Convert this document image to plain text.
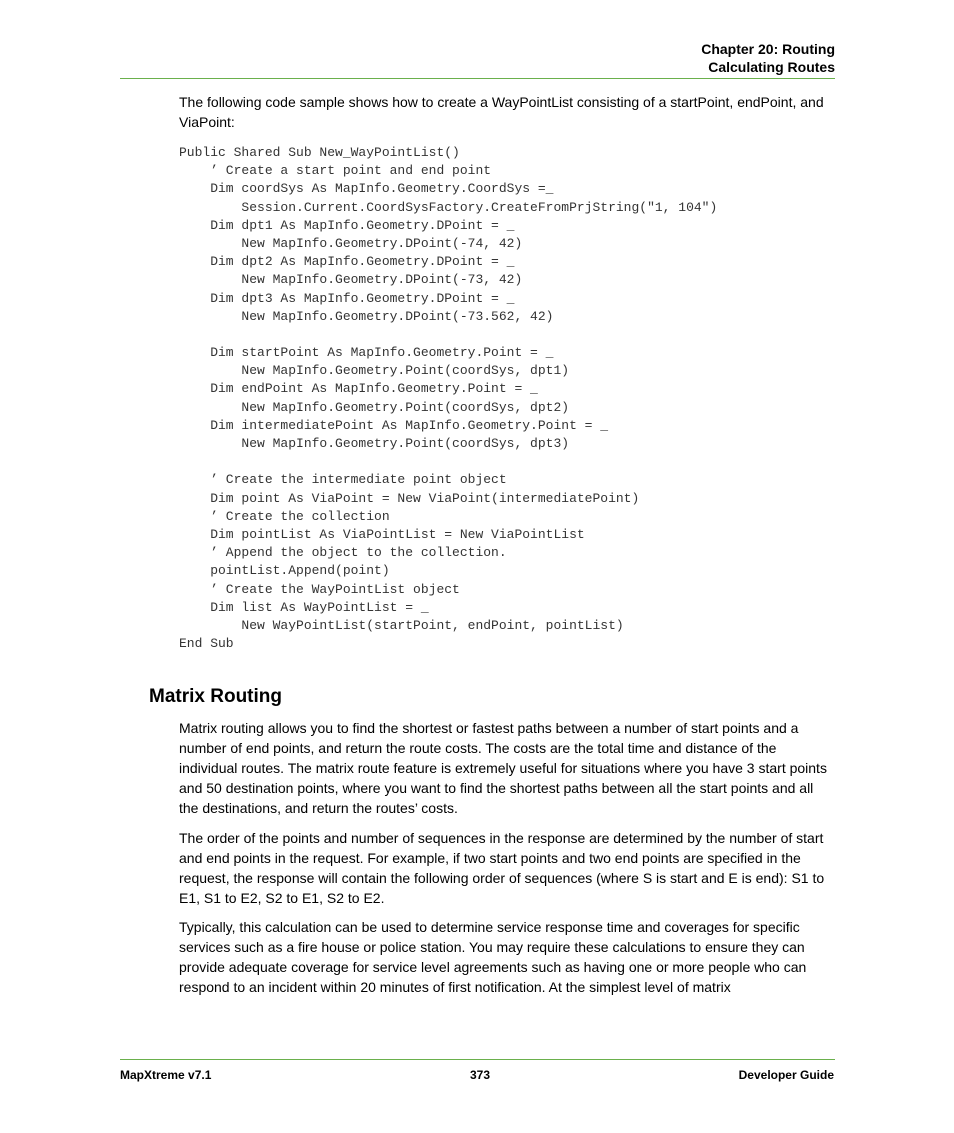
Chapter 20: Routing
Calculating Routes

The following code sample shows how to create a WayPointList consisting of a startPoint, endPoint, and ViaPoint:

Public Shared Sub New_WayPointList()
’ Create a start point and end point
Dim coordSys As MapInfo.Geometry.CoordSys =_
Session.Current.CoordSysFactory.CreateFromPrjString("1, 104")
Dim dpt1 As MapInfo.Geometry.DPoint = _
New MapInfo.Geometry.DPoint(-74, 42)
Dim dpt2 As MapInfo.Geometry.DPoint = _
New MapInfo.Geometry.DPoint(-73, 42)
Dim dpt3 As MapInfo.Geometry.DPoint = _
New MapInfo.Geometry.DPoint(-73.562, 42)
Dim startPoint As MapInfo.Geometry.Point = _
New MapInfo.Geometry.Point(coordSys, dpt1)
Dim endPoint As MapInfo.Geometry.Point = _
New MapInfo.Geometry.Point(coordSys, dpt2)
Dim intermediatePoint As MapInfo.Geometry.Point = _
New MapInfo.Geometry.Point(coordSys, dpt3)
’ Create the intermediate point object
Dim point As ViaPoint = New ViaPoint(intermediatePoint)
’ Create the collection
Dim pointList As ViaPointList = New ViaPointList
’ Append the object to the collection.
pointList.Append(point)
’ Create the WayPointList object
Dim list As WayPointList = _
New WayPointList(startPoint, endPoint, pointList)
End Sub
Matrix Routing

Matrix routing allows you to find the shortest or fastest paths between a number of start points and a number of end points, and return the route costs. The costs are the total time and distance of the individual routes. The matrix route feature is extremely useful for situations where you have 3 start points and 50 destination points, where you want to find the shortest paths between all the start points and all the destinations, and return the routes’ costs.

The order of the points and number of sequences in the response are determined by the number of start and end points in the request. For example, if two start points and two end points are specified in the request, the response will contain the following order of sequences (where S is start and E is end): S1 to E1, S1 to E2, S2 to E1, S2 to E2.

Typically, this calculation can be used to determine service response time and coverages for specific services such as a fire house or police station. You may require these calculations to ensure they can provide adequate coverage for service level agreements such as having one or more people who can respond to an incident within 20 minutes of first notification. At the simplest level of matrix

MapXtreme v7.1	373	Developer Guide
